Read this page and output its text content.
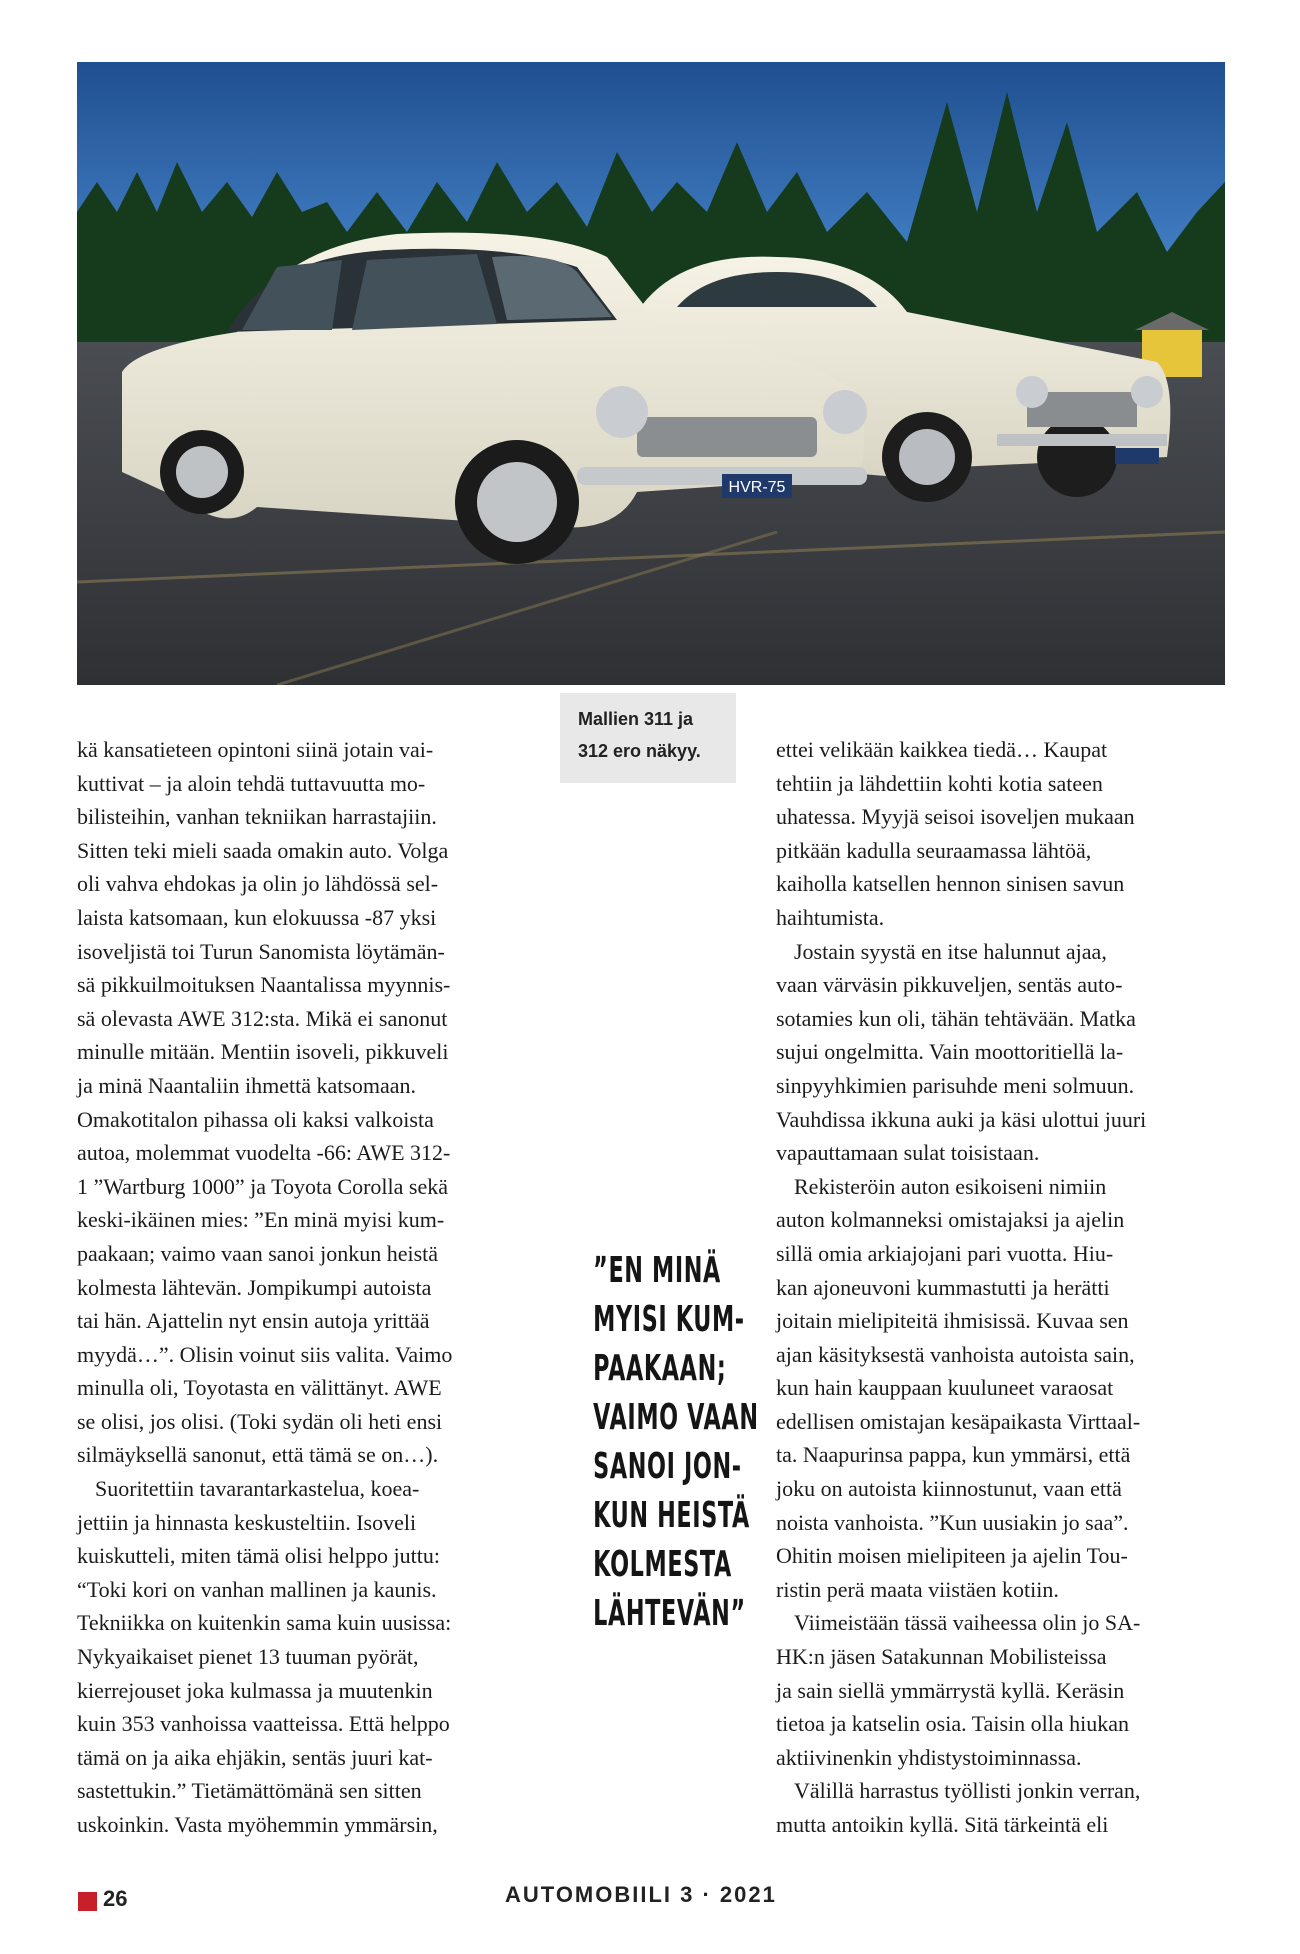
HVR-75
Mallien 311 ja
312 ero näkyy.
kä kansatieteen opintoni siinä jotain vai-
kuttivat – ja aloin tehdä tuttavuutta mo-
bilisteihin, vanhan tekniikan harrastajiin.
Sitten teki mieli saada omakin auto. Volga
oli vahva ehdokas ja olin jo lähdössä sel-
laista katsomaan, kun elokuussa -87 yksi
isoveljistä toi Turun Sanomista löytämän-
sä pikkuilmoituksen Naantalissa myynnis-
sä olevasta AWE 312:sta. Mikä ei sanonut
minulle mitään. Mentiin isoveli, pikkuveli
ja minä Naantaliin ihmettä katsomaan.
Omakotitalon pihassa oli kaksi valkoista
autoa, molemmat vuodelta -66: AWE 312-
1 ”Wartburg 1000” ja Toyota Corolla sekä
keski-ikäinen mies: ”En minä myisi kum-
paakaan; vaimo vaan sanoi jonkun heistä
kolmesta lähtevän. Jompikumpi autoista
tai hän. Ajattelin nyt ensin autoja yrittää
myydä…”. Olisin voinut siis valita. Vaimo
minulla oli, Toyotasta en välittänyt. AWE
se olisi, jos olisi. (Toki sydän oli heti ensi
silmäyksellä sanonut, että tämä se on…).
Suoritettiin tavarantarkastelua, koea-
jettiin ja hinnasta keskusteltiin. Isoveli
kuiskutteli, miten tämä olisi helppo juttu:
“Toki kori on vanhan mallinen ja kaunis.
Tekniikka on kuitenkin sama kuin uusissa:
Nykyaikaiset pienet 13 tuuman pyörät,
kierrejouset joka kulmassa ja muutenkin
kuin 353 vanhoissa vaatteissa. Että helppo
tämä on ja aika ehjäkin, sentäs juuri kat-
sastettukin.” Tietämättömänä sen sitten
uskoinkin. Vasta myöhemmin ymmärsin,
”EN MINÄ
MYISI KUM-
PAAKAAN;
VAIMO VAAN
SANOI JON-
KUN HEISTÄ
KOLMESTA
LÄHTEVÄN”
ettei velikään kaikkea tiedä… Kaupat
tehtiin ja lähdettiin kohti kotia sateen
uhatessa. Myyjä seisoi isoveljen mukaan
pitkään kadulla seuraamassa lähtöä,
kaiholla katsellen hennon sinisen savun
haihtumista.
Jostain syystä en itse halunnut ajaa,
vaan värväsin pikkuveljen, sentäs auto-
sotamies kun oli, tähän tehtävään. Matka
sujui ongelmitta. Vain moottoritiellä la-
sinpyyhkimien parisuhde meni solmuun.
Vauhdissa ikkuna auki ja käsi ulottui juuri
vapauttamaan sulat toisistaan.
Rekisteröin auton esikoiseni nimiin
auton kolmanneksi omistajaksi ja ajelin
sillä omia arkiajojani pari vuotta. Hiu-
kan ajoneuvoni kummastutti ja herätti
joitain mielipiteitä ihmisissä. Kuvaa sen
ajan käsityksestä vanhoista autoista sain,
kun hain kauppaan kuuluneet varaosat
edellisen omistajan kesäpaikasta Virttaal-
ta. Naapurinsa pappa, kun ymmärsi, että
joku on autoista kiinnostunut, vaan että
noista vanhoista. ”Kun uusiakin jo saa”.
Ohitin moisen mielipiteen ja ajelin Tou-
ristin perä maata viistäen kotiin.
Viimeistään tässä vaiheessa olin jo SA-
HK:n jäsen Satakunnan Mobilisteissa
ja sain siellä ymmärrystä kyllä. Keräsin
tietoa ja katselin osia. Taisin olla hiukan
aktiivinenkin yhdistystoiminnassa.
Välillä harrastus työllisti jonkin verran,
mutta antoikin kyllä. Sitä tärkeintä eli
26	AUTOMOBIILI 3 · 2021
